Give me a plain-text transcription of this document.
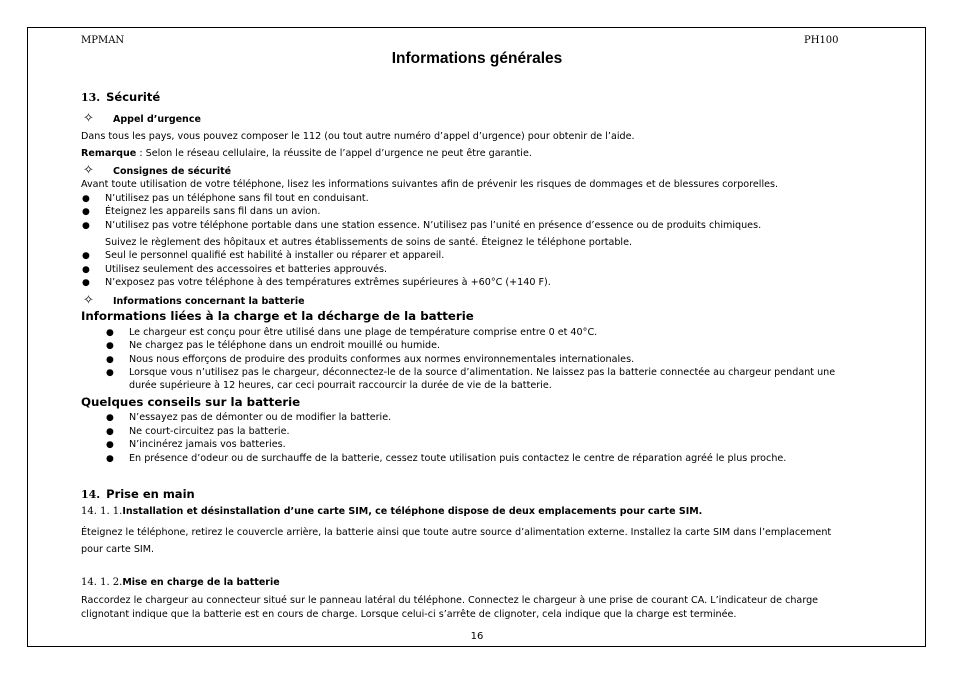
MPMAN	PH100
Informations générales
13. Sécurité
✧ Appel d’urgence
Dans tous les pays, vous pouvez composer le 112 (ou tout autre numéro d’appel d’urgence) pour obtenir de l’aide.
Remarque : Selon le réseau cellulaire, la réussite de l’appel d’urgence ne peut être garantie.
✧ Consignes de sécurité
Avant toute utilisation de votre téléphone, lisez les informations suivantes afin de prévenir les risques de dommages et de blessures corporelles.
● N’utilisez pas un téléphone sans fil tout en conduisant.
● Éteignez les appareils sans fil dans un avion.
● N’utilisez pas votre téléphone portable dans une station essence. N’utilisez pas l’unité en présence d’essence ou de produits chimiques.
Suivez le règlement des hôpitaux et autres établissements de soins de santé. Éteignez le téléphone portable.
● Seul le personnel qualifié est habilité à installer ou réparer et appareil.
● Utilisez seulement des accessoires et batteries approuvés.
● N’exposez pas votre téléphone à des températures extrêmes supérieures à +60°C (+140 F).
✧ Informations concernant la batterie
Informations liées à la charge et la décharge de la batterie
● Le chargeur est conçu pour être utilisé dans une plage de température comprise entre 0 et 40°C.
● Ne chargez pas le téléphone dans un endroit mouillé ou humide.
● Nous nous efforçons de produire des produits conformes aux normes environnementales internationales.
● Lorsque vous n’utilisez pas le chargeur, déconnectez-le de la source d’alimentation. Ne laissez pas la batterie connectée au chargeur pendant une
durée supérieure à 12 heures, car ceci pourrait raccourcir la durée de vie de la batterie.
Quelques conseils sur la batterie
● N’essayez pas de démonter ou de modifier la batterie.
● Ne court-circuitez pas la batterie.
● N’incinérez jamais vos batteries.
● En présence d’odeur ou de surchauffe de la batterie, cessez toute utilisation puis contactez le centre de réparation agréé le plus proche.
14. Prise en main
14. 1. 1.Installation et désinstallation d’une carte SIM, ce téléphone dispose de deux emplacements pour carte SIM.
Éteignez le téléphone, retirez le couvercle arrière, la batterie ainsi que toute autre source d’alimentation externe. Installez la carte SIM dans l’emplacement
pour carte SIM.
14. 1. 2.Mise en charge de la batterie
Raccordez le chargeur au connecteur situé sur le panneau latéral du téléphone. Connectez le chargeur à une prise de courant CA. L’indicateur de charge
clignotant indique que la batterie est en cours de charge. Lorsque celui-ci s’arrête de clignoter, cela indique que la charge est terminée.
16
